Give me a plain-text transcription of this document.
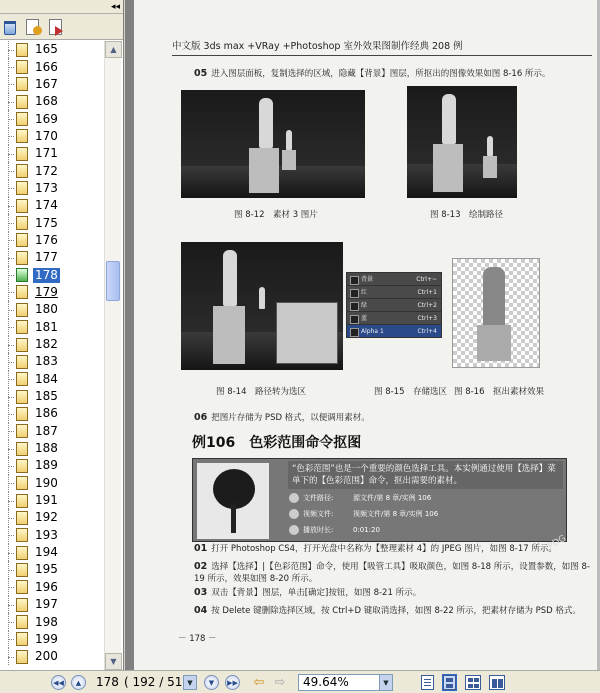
◂◂
165
166
167
168
169
170
171
172
173
174
175
176
177
178
179
180
181
182
183
184
185
186
187
188
189
190
191
192
193
194
195
196
197
198
199
200
▲
▼
中文版 3ds max +VRay +Photoshop 室外效果图制作经典 208 例
05 进入图层面板，复制选择的区域，隐藏【背景】图层，所抠出的图像效果如图 8-16 所示。
图 8-12　素材 3 图片	图 8-13　绘制路径
图 8-14　路径转为选区
背景	Ctrl+~
红	Ctrl+1
绿	Ctrl+2
蓝	Ctrl+3
Alpha 1	Ctrl+4
图 8-15　存储选区 图 8-16　抠出素材效果
06 把图片存储为 PSD 格式，以便调用素材。
例106　色彩范围命令抠图
“色彩范围”也是一个重要的颜色选择工具。本实例通过使用【选择】菜单下的【色彩范围】命令，抠出需要的素材。
文件路径:	源文件/第 8 章/实例 106
视频文件:	视频文件/第 8 章/实例 106
播放时长:	0:01:20
01 打开 Photoshop CS4，打开光盘中名称为【整理素材 4】的 JPEG 图片，如图 8-17 所示。
02 选择【选择】|【色彩范围】命令，使用【吸管工具】吸取颜色，如图 8-18 所示，设置参数，如图 8-19 所示，效果如图 8-20 所示。
03 双击【背景】图层，单击[确定]按钮，如图 8-21 所示。
04 按 Delete 键删除选择区域，按 Ctrl+D 键取消选择，如图 8-22 所示，把素材存储为 PSD 格式。
－ 178 －
PDG
◀◀	▲	178 ( 192 / 51 ▼	▼	▶▶ ⇦ ⇨	49.64%	▼
